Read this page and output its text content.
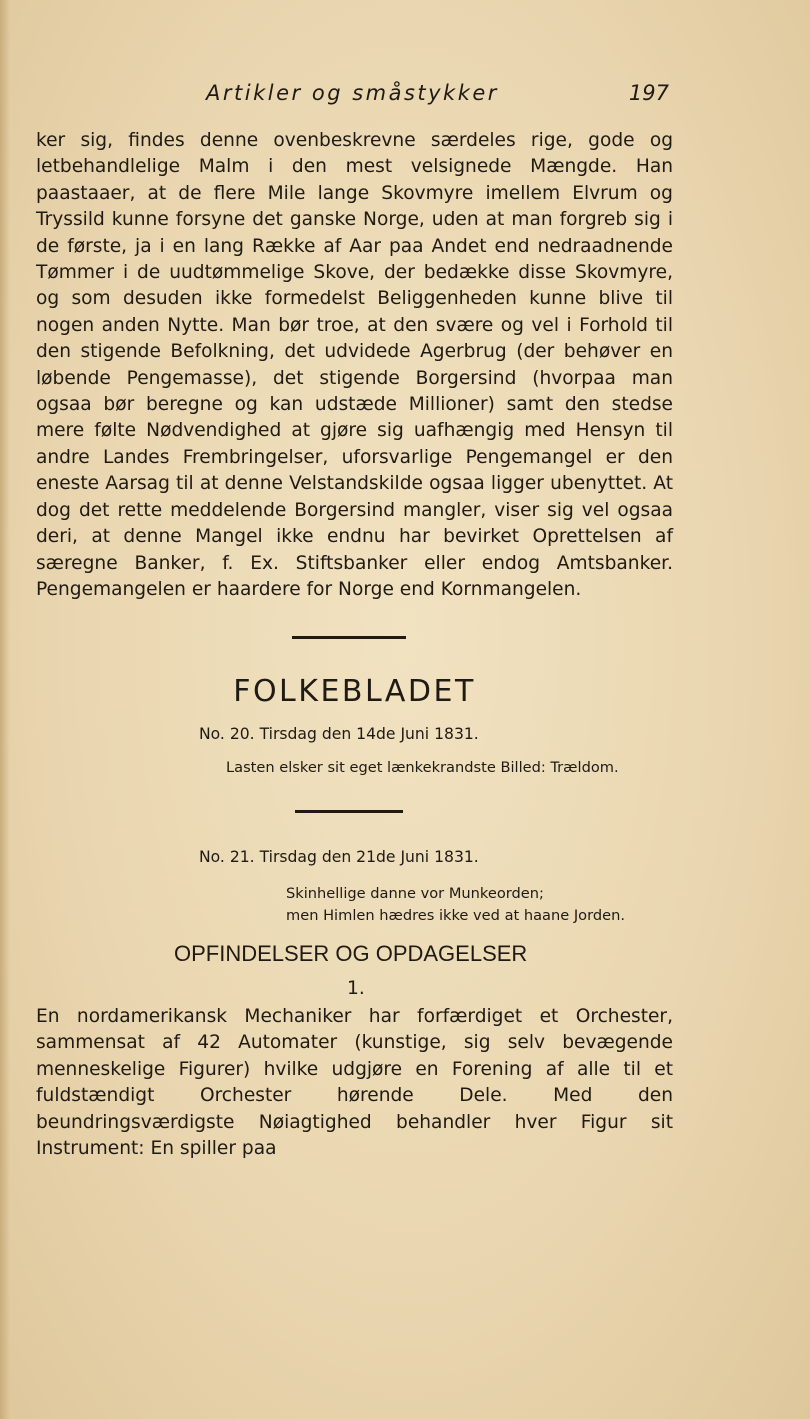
Artikler og småstykker	197

ker sig, findes denne ovenbeskrevne særdeles rige, gode og letbehandlelige Malm i den mest velsignede Mængde. Han paastaaer, at de flere Mile lange Skovmyre imellem Elvrum og Tryssild kunne forsyne det ganske Norge, uden at man forgreb sig i de første, ja i en lang Række af Aar paa Andet end nedraadnende Tømmer i de uudtømmelige Skove, der bedække disse Skovmyre, og som desuden ikke formedelst Beliggenheden kunne blive til nogen anden Nytte. Man bør troe, at den svære og vel i Forhold til den stigende Befolkning, det udvidede Agerbrug (der behøver en løbende Pengemasse), det stigende Borgersind (hvorpaa man ogsaa bør beregne og kan udstæde Millioner) samt den stedse mere følte Nødvendighed at gjøre sig uafhængig med Hensyn til andre Landes Frembringelser, uforsvarlige Pengemangel er den eneste Aarsag til at denne Velstandskilde ogsaa ligger ubenyttet. At dog det rette meddelende Borgersind mangler, viser sig vel ogsaa deri, at denne Mangel ikke endnu har bevirket Oprettelsen af særegne Banker, f. Ex. Stiftsbanker eller endog Amtsbanker. Pengemangelen er haardere for Norge end Kornmangelen.

FOLKEBLADET
No. 20. Tirsdag den 14de Juni 1831.
Lasten elsker sit eget lænkekrandste Billed: Trældom.
No. 21. Tirsdag den 21de Juni 1831.
Skinhellige danne vor Munkeorden;
men Himlen hædres ikke ved at haane Jorden.
OPFINDELSER OG OPDAGELSER
1.

En nordamerikansk Mechaniker har forfærdiget et Orchester, sammensat af 42 Automater (kunstige, sig selv bevægende menneskelige Figurer) hvilke udgjøre en Forening af alle til et fuldstændigt Orchester hørende Dele. Med den beundringsværdigste Nøiagtighed behandler hver Figur sit Instrument: En spiller paa
